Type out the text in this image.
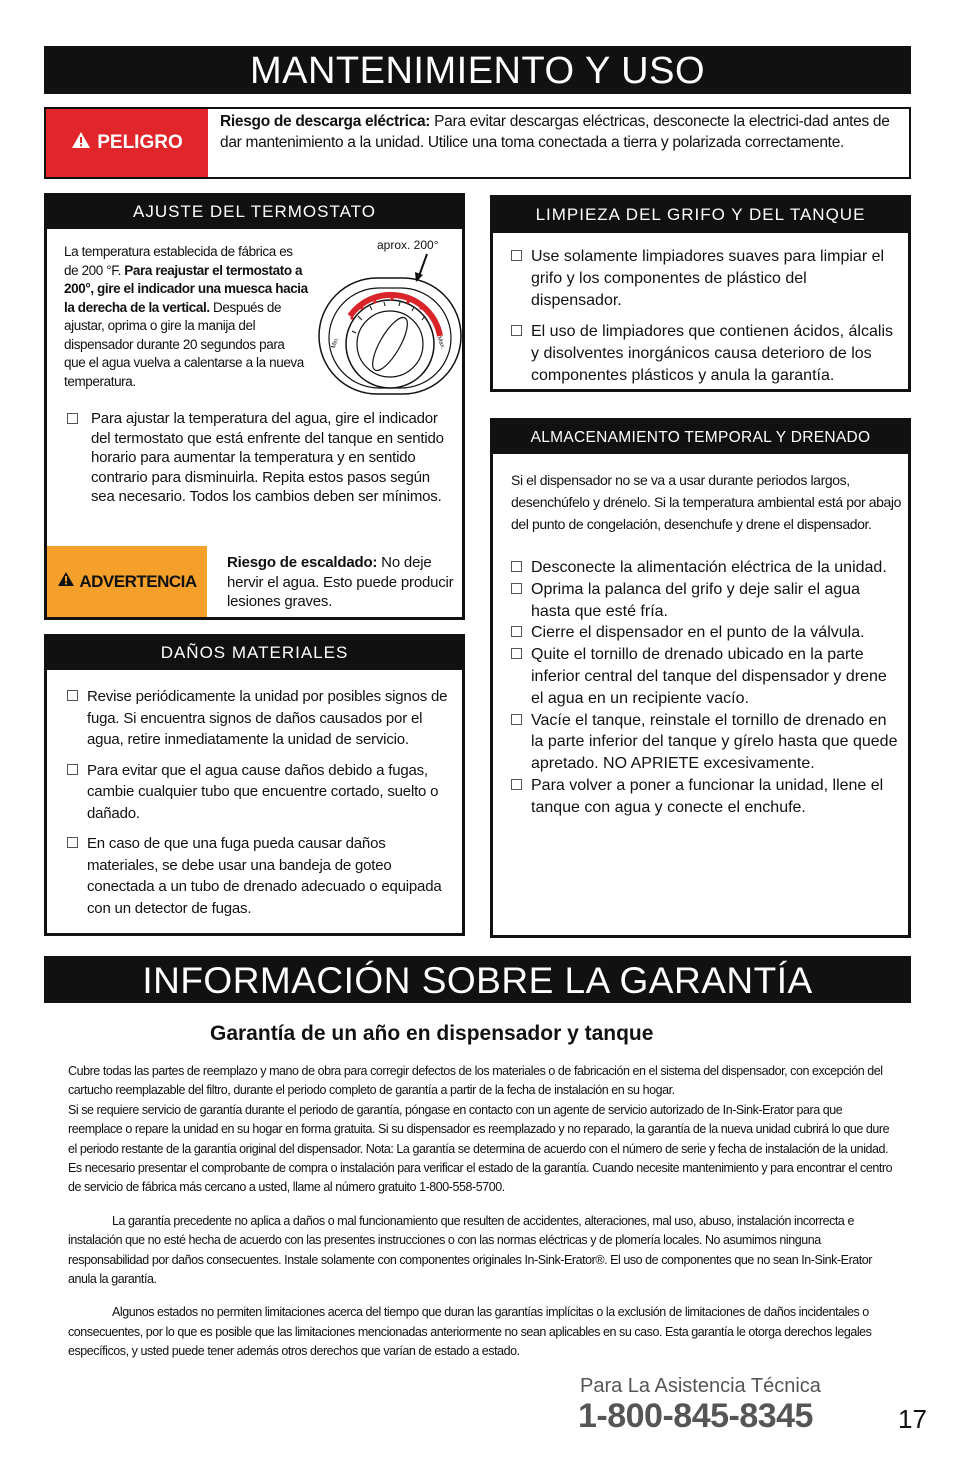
MANTENIMIENTO Y USO
PELIGRO
Riesgo de descarga eléctrica: Para evitar descargas eléctricas, desconecte la electrici-dad antes de dar mantenimiento a la unidad. Utilice una toma conectada a tierra y polarizada correctamente.
AJUSTE DEL TERMOSTATO
La temperatura establecida de fábrica es de 200 °F. Para reajustar el termostato a 200°, gire el indicador una muesca hacia la derecha de la vertical. Después de ajustar, oprima o gire la manija del dispensador durante 20 segundos para que el agua vuelva a calentarse a la nueva temperatura.
aprox. 200°
Min.	Max.
Para ajustar la temperatura del agua, gire el indicador del termostato que está enfrente del tanque en sentido horario para aumentar la temperatura y en sentido contrario para disminuirla. Repita estos pasos según sea necesario. Todos los cambios deben ser mínimos.
ADVERTENCIA
Riesgo de escaldado: No deje hervir el agua. Esto puede producir lesiones graves.
DAÑOS MATERIALES
Revise periódicamente la unidad por posibles signos de fuga. Si encuentra signos de daños causados por el agua, retire inmediatamente la unidad de servicio.
Para evitar que el agua cause daños debido a fugas, cambie cualquier tubo que encuentre cortado, suelto o dañado.
En caso de que una fuga pueda causar daños materiales, se debe usar una bandeja de goteo conectada a un tubo de drenado adecuado o equipada con un detector de fugas.
LIMPIEZA DEL GRIFO Y DEL TANQUE
Use solamente limpiadores suaves para limpiar el grifo y los componentes de plástico del dispensador.
El uso de limpiadores que contienen ácidos, álcalis y disolventes inorgánicos causa deterioro de los componentes plásticos y anula la garantía.
ALMACENAMIENTO TEMPORAL Y DRENADO
Si el dispensador no se va a usar durante periodos largos, desenchúfelo y drénelo. Si la temperatura ambiental está por abajo del punto de congelación, desenchufe y drene el dispensador.
Desconecte la alimentación eléctrica de la unidad.
Oprima la palanca del grifo y deje salir el agua hasta que esté fría.
Cierre el dispensador en el punto de la válvula.
Quite el tornillo de drenado ubicado en la parte inferior central del tanque del dispensador y drene el agua en un recipiente vacío.
Vacíe el tanque, reinstale el tornillo de drenado en la parte inferior del tanque y gírelo hasta que quede apretado. NO APRIETE excesivamente.
Para volver a poner a funcionar la unidad, llene el tanque con agua y conecte el enchufe.
INFORMACIÓN SOBRE LA GARANTÍA
Garantía de un año en dispensador y tanque
Cubre todas las partes de reemplazo y mano de obra para corregir defectos de los materiales o de fabricación en el sistema del dispensador, con excepción del cartucho reemplazable del filtro, durante el periodo completo de garantía a partir de la fecha de instalación en su hogar.
Si se requiere servicio de garantía durante el periodo de garantía, póngase en contacto con un agente de servicio autorizado de In-Sink-Erator para que reemplace o repare la unidad en su hogar en forma gratuita. Si su dispensador es reemplazado y no reparado, la garantía de la nueva unidad cubrirá lo que dure el periodo restante de la garantía original del dispensador. Nota: La garantía se determina de acuerdo con el número de serie y fecha de instalación de la unidad. Es necesario presentar el comprobante de compra o instalación para verificar el estado de la garantía. Cuando necesite mantenimiento y para encontrar el centro de servicio de fábrica más cercano a usted, llame al número gratuito 1-800-558-5700.
La garantía precedente no aplica a daños o mal funcionamiento que resulten de accidentes, alteraciones, mal uso, abuso, instalación incorrecta e instalación que no esté hecha de acuerdo con las presentes instrucciones o con las normas eléctricas y de plomería locales. No asumimos ninguna responsabilidad por daños consecuentes. Instale solamente con componentes originales In-Sink-Erator®. El uso de componentes que no sean In-Sink-Erator anula la garantía.
Algunos estados no permiten limitaciones acerca del tiempo que duran las garantías implícitas o la exclusión de limitaciones de daños incidentales o consecuentes, por lo que es posible que las limitaciones mencionadas anteriormente no sean aplicables en su caso. Esta garantía le otorga derechos legales específicos, y usted puede tener además otros derechos que varían de estado a estado.
Para La Asistencia Técnica
1-800-845-8345	17
